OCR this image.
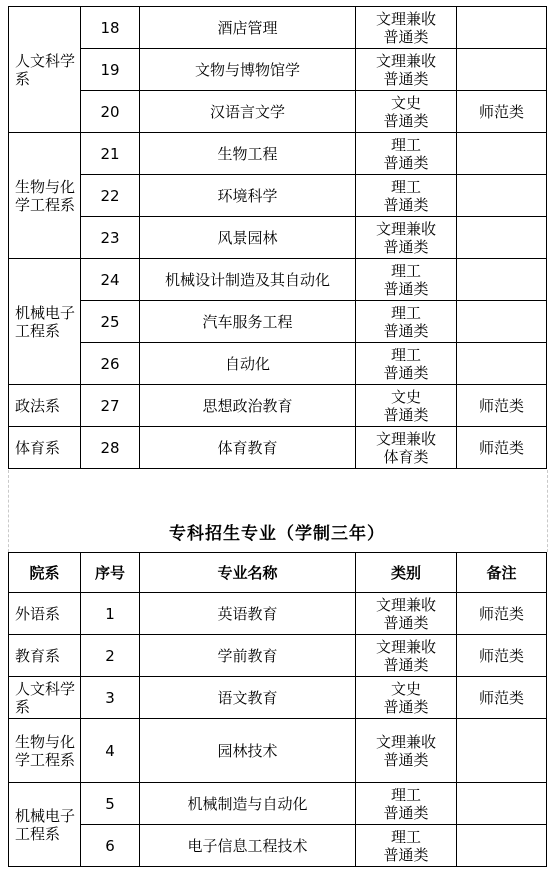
人文科学系	18	酒店管理	文理兼收
普通类	

	19	文物与博物馆学	文理兼收
普通类	

	20	汉语言文学	文史
普通类	师范类
生物与化学工程系	21	生物工程	理工
普通类	

	22	环境科学	理工
普通类	

	23	风景园林	文理兼收
普通类	

机械电子工程系	24	机械设计制造及其自动化	理工
普通类	

	25	汽车服务工程	理工
普通类	

	26	自动化	理工
普通类	

政法系	27	思想政治教育	文史
普通类	师范类
体育系	28	体育教育	文理兼收
体育类	师范类
专科招生专业（学制三年）
院系	序号	专业名称	类别	备注
外语系	1	英语教育	文理兼收
普通类	师范类
教育系	2	学前教育	文理兼收
普通类	师范类
人文科学系	3	语文教育	文史
普通类	师范类
生物与化学工程系	4	园林技术	文理兼收
普通类	

机械电子工程系	5	机械制造与自动化	理工
普通类	

	6	电子信息工程技术	理工
普通类	
